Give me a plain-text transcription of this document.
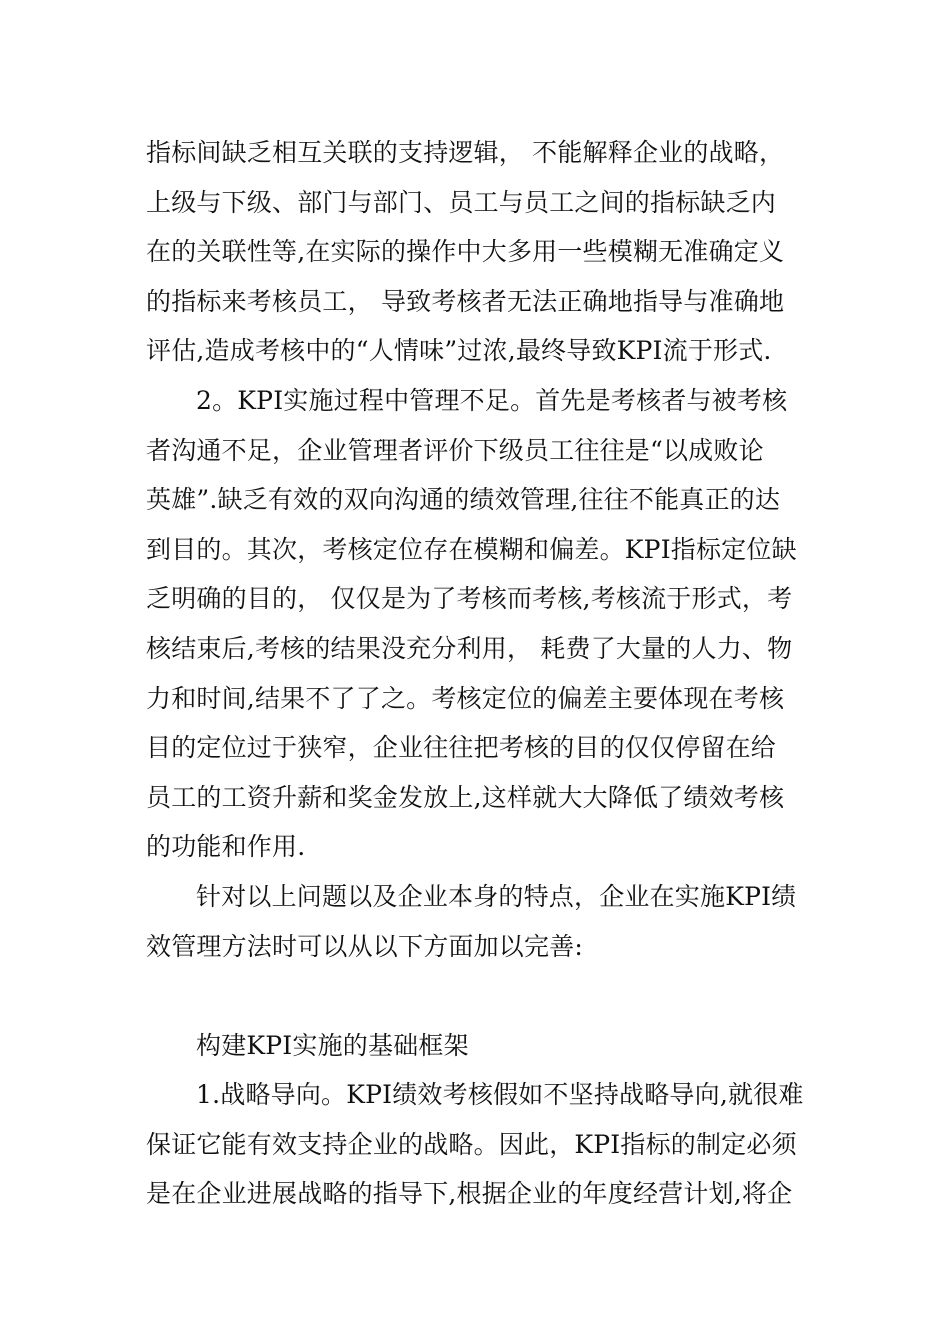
指标间缺乏相互关联的支持逻辑， 不能解释企业的战略，
上级与下级、部门与部门、员工与员工之间的指标缺乏内
在的关联性等,在实际的操作中大多用一些模糊无准确定义
的指标来考核员工， 导致考核者无法正确地指导与准确地
评估,造成考核中的“人情味”过浓,最终导致KPI流于形式.
2。KPI实施过程中管理不足。首先是考核者与被考核
者沟通不足，企业管理者评价下级员工往往是“以成败论
英雄”.缺乏有效的双向沟通的绩效管理,往往不能真正的达
到目的。其次，考核定位存在模糊和偏差。KPI指标定位缺
乏明确的目的， 仅仅是为了考核而考核,考核流于形式，考
核结束后,考核的结果没充分利用， 耗费了大量的人力、物
力和时间,结果不了了之。考核定位的偏差主要体现在考核
目的定位过于狭窄，企业往往把考核的目的仅仅停留在给
员工的工资升薪和奖金发放上,这样就大大降低了绩效考核
的功能和作用.
针对以上问题以及企业本身的特点，企业在实施KPI绩
效管理方法时可以从以下方面加以完善:
构建KPI实施的基础框架
1.战略导向。KPI绩效考核假如不坚持战略导向,就很难
保证它能有效支持企业的战略。因此，KPI指标的制定必须
是在企业进展战略的指导下,根据企业的年度经营计划,将企
